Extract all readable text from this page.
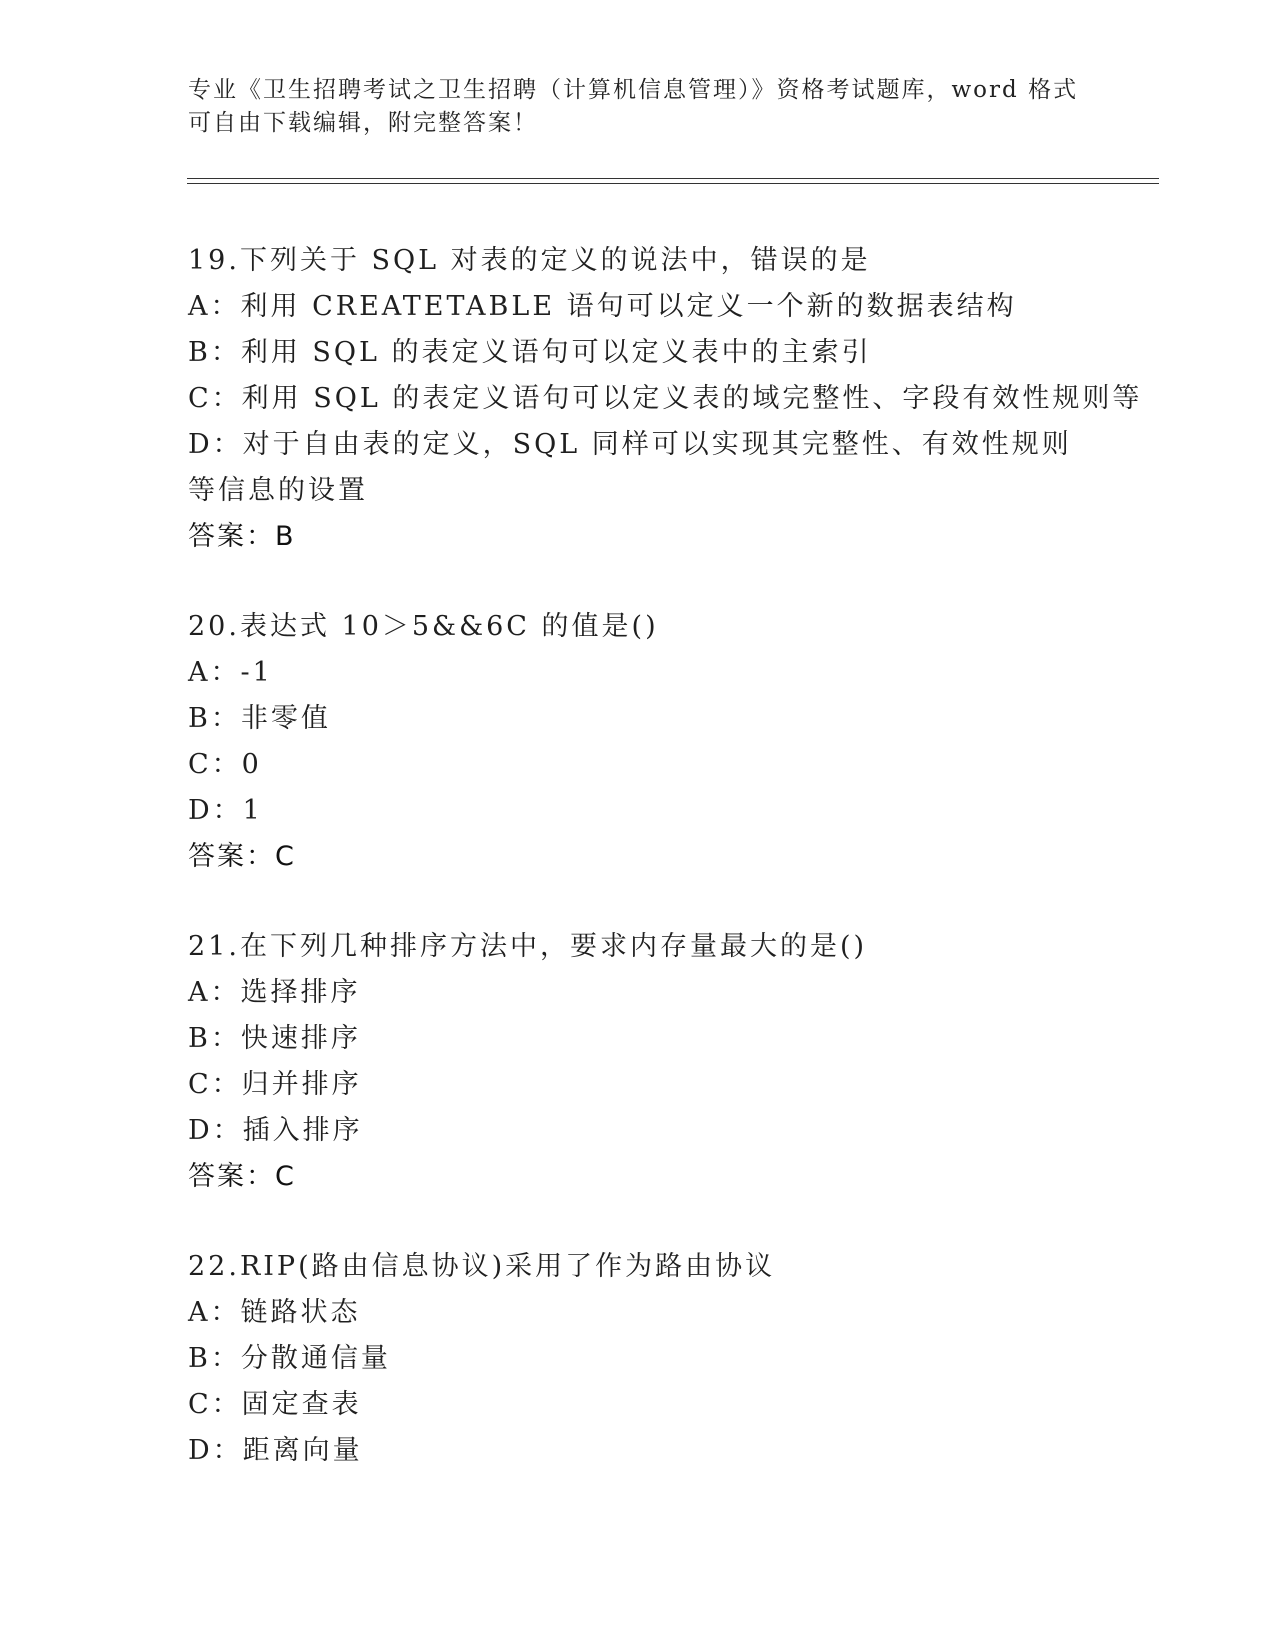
专业《卫生招聘考试之卫生招聘（计算机信息管理）》资格考试题库，word 格式
可自由下载编辑，附完整答案！
19.下列关于 SQL 对表的定义的说法中，错误的是
A：利用 CREATETABLE 语句可以定义一个新的数据表结构
B：利用 SQL 的表定义语句可以定义表中的主索引
C：利用 SQL 的表定义语句可以定义表的域完整性、字段有效性规则等
D：对于自由表的定义，SQL 同样可以实现其完整性、有效性规则等信息的设置
答案：B
20.表达式 10＞5&&6C 的值是()
A：-1
B：非零值
C：0
D：1
答案：C
21.在下列几种排序方法中，要求内存量最大的是()
A：选择排序
B：快速排序
C：归并排序
D：插入排序
答案：C
22.RIP(路由信息协议)采用了作为路由协议
A：链路状态
B：分散通信量
C：固定查表
D：距离向量
